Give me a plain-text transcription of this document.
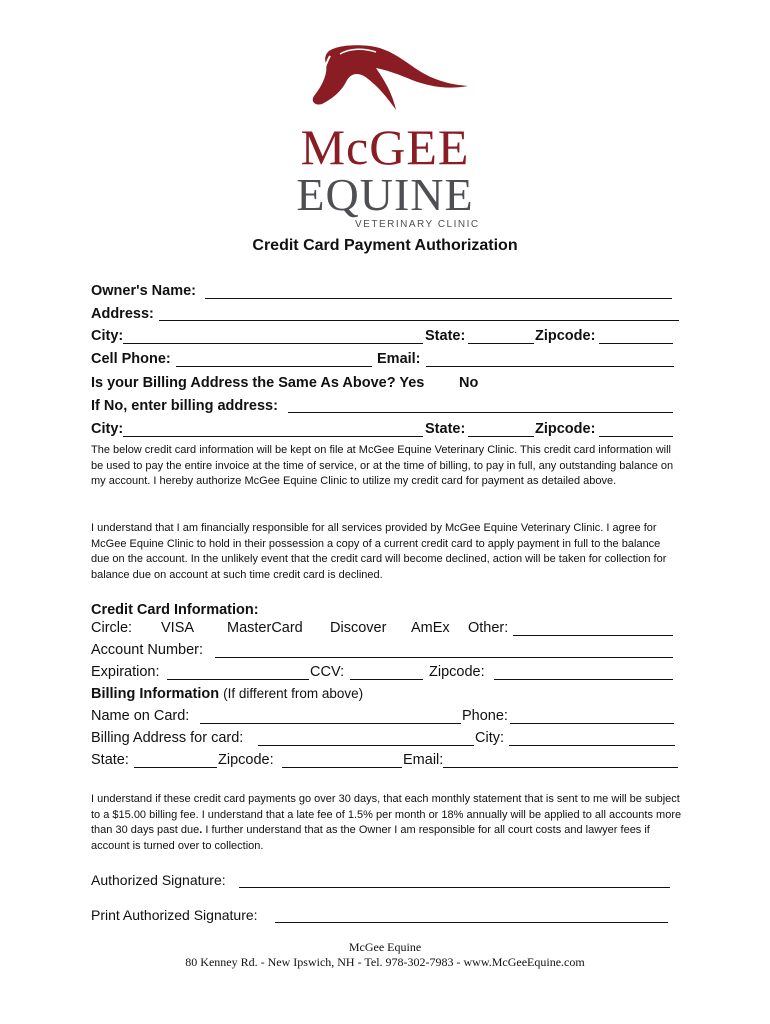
McGEE
EQUINE
VETERINARY CLINIC
Credit Card Payment Authorization
Owner's Name:
Address:
City:	State:	Zipcode:
Cell Phone:	Email:
Is your Billing Address the Same As Above? Yes No
If No, enter billing address:
City:	State:	Zipcode:
The below credit card information will be kept on file at McGee Equine Veterinary Clinic. This credit card information will be used to pay the entire invoice at the time of service, or at the time of billing, to pay in full, any outstanding balance on my account. I hereby authorize McGee Equine Clinic to utilize my credit card for payment as detailed above.
I understand that I am financially responsible for all services provided by McGee Equine Veterinary Clinic. I agree for McGee Equine Clinic to hold in their possession a copy of a current credit card to apply payment in full to the balance due on the account. In the unlikely event that the credit card will become declined, action will be taken for collection for balance due on account at such time credit card is declined.
Credit Card Information:
Circle: VISA MasterCard Discover AmEx Other:
Account Number:
Expiration:	CCV:	Zipcode:
Billing Information (If different from above)
Name on Card:	Phone:
Billing Address for card:	City:
State:	Zipcode:	Email:
I understand if these credit card payments go over 30 days, that each monthly statement that is sent to me will be subject to a $15.00 billing fee. I understand that a late fee of 1.5% per month or 18% annually will be applied to all accounts more than 30 days past due. I further understand that as the Owner I am responsible for all court costs and lawyer fees if account is turned over to collection.
Authorized Signature:
Print Authorized Signature:
McGee Equine
80 Kenney Rd. - New Ipswich, NH - Tel. 978-302-7983 - www.McGeeEquine.com
